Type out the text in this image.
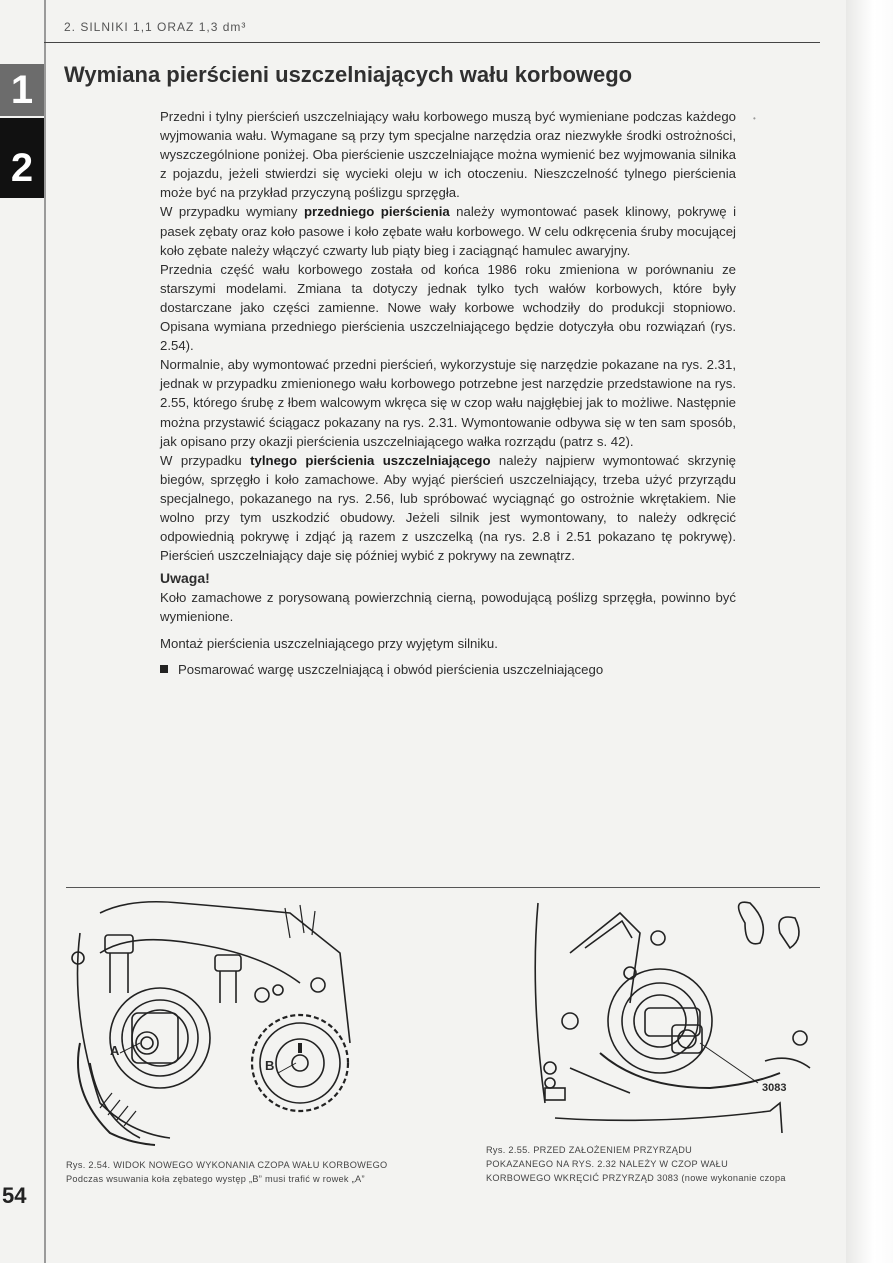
2. SILNIKI 1,1 ORAZ 1,3 dm³
1
2
Wymiana pierścieni uszczelniających wału korbowego
•

Przedni i tylny pierścień uszczelniający wału korbowego muszą być wymieniane podczas każdego wyjmowania wału. Wymagane są przy tym specjalne narzędzia oraz niezwykłe środki ostrożności, wyszczególnione poniżej. Oba pierścienie uszczelniające można wymienić bez wyjmowania silnika z pojazdu, jeżeli stwierdzi się wycieki oleju w ich otoczeniu. Nieszczelność tylnego pierścienia może być na przykład przyczyną poślizgu sprzęgła.

W przypadku wymiany przedniego pierścienia należy wymontować pasek klinowy, pokrywę i pasek zębaty oraz koło pasowe i koło zębate wału korbowego. W celu odkręcenia śruby mocującej koło zębate należy włączyć czwarty lub piąty bieg i zaciągnąć hamulec awaryjny.

Przednia część wału korbowego została od końca 1986 roku zmieniona w porównaniu ze starszymi modelami. Zmiana ta dotyczy jednak tylko tych wałów korbowych, które były dostarczane jako części zamienne. Nowe wały korbowe wchodziły do produkcji stopniowo. Opisana wymiana przedniego pierścienia uszczelniającego będzie dotyczyła obu rozwiązań (rys. 2.54).

Normalnie, aby wymontować przedni pierścień, wykorzystuje się narzędzie pokazane na rys. 2.31, jednak w przypadku zmienionego wału korbowego potrzebne jest narzędzie przedstawione na rys. 2.55, którego śrubę z łbem walcowym wkręca się w czop wału najgłębiej jak to możliwe. Następnie można przystawić ściągacz pokazany na rys. 2.31. Wymontowanie odbywa się w ten sam sposób, jak opisano przy okazji pierścienia uszczelniającego wałka rozrządu (patrz s. 42).

W przypadku tylnego pierścienia uszczelniającego należy najpierw wymontować skrzynię biegów, sprzęgło i koło zamachowe. Aby wyjąć pierścień uszczelniający, trzeba użyć przyrządu specjalnego, pokazanego na rys. 2.56, lub spróbować wyciągnąć go ostrożnie wkrętakiem. Nie wolno przy tym uszkodzić obudowy. Jeżeli silnik jest wymontowany, to należy odkręcić odpowiednią pokrywę i zdjąć ją razem z uszczelką (na rys. 2.8 i 2.51 pokazano tę pokrywę). Pierścień uszczelniający daje się później wybić z pokrywy na zewnątrz.

Uwaga!

Koło zamachowe z porysowaną powierzchnią cierną, powodującą poślizg sprzęgła, powinno być wymienione.

Montaż pierścienia uszczelniającego przy wyjętym silniku.

Posmarować wargę uszczelniającą i obwód pierścienia uszczelniającego

A
B
Rys. 2.54. WIDOK NOWEGO WYKONANIA CZOPA WAŁU KORBOWEGO
Podczas wsuwania koła zębatego występ „B” musi trafić w rowek „A”
3083
Rys. 2.55. PRZED ZAŁOŻENIEM PRZYRZĄDU
POKAZANEGO NA RYS. 2.32 NALEŻY W CZOP WAŁU
KORBOWEGO WKRĘCIĆ PRZYRZĄD 3083 (nowe wykonanie czopa
54
